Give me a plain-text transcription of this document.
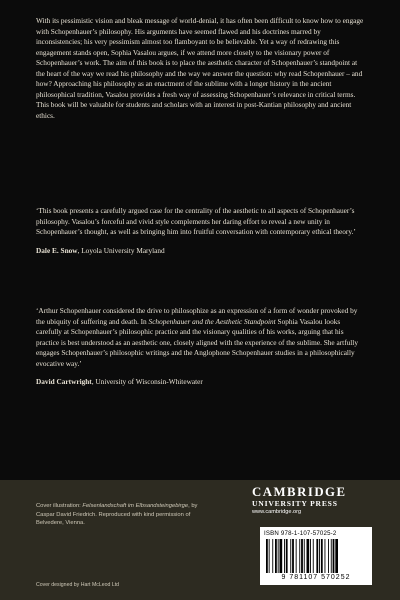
With its pessimistic vision and bleak message of world-denial, it has often been difficult to know how to engage with Schopenhauer’s philosophy. His arguments have seemed flawed and his doctrines marred by inconsistencies; his very pessimism almost too flamboyant to be believable. Yet a way of redrawing this engagement stands open, Sophia Vasalou argues, if we attend more closely to the visionary power of Schopenhauer’s work. The aim of this book is to place the aesthetic character of Schopenhauer’s standpoint at the heart of the way we read his philosophy and the way we answer the question: why read Schopenhauer – and how? Approaching his philosophy as an enactment of the sublime with a longer history in the ancient philosophical tradition, Vasalou provides a fresh way of assessing Schopenhauer’s relevance in critical terms. This book will be valuable for students and scholars with an interest in post-Kantian philosophy and ancient ethics.

‘This book presents a carefully argued case for the centrality of the aesthetic to all aspects of Schopenhauer’s philosophy. Vasalou’s forceful and vivid style complements her daring effort to reveal a new unity in Schopenhauer’s thought, as well as bringing him into fruitful conversation with contemporary ethical theory.’

Dale E. Snow, Loyola University Maryland

‘Arthur Schopenhauer considered the drive to philosophize as an expression of a form of wonder provoked by the ubiquity of suffering and death. In Schopenhauer and the Aesthetic Standpoint Sophia Vasalou looks carefully at Schopenhauer’s philosophic practice and the visionary qualities of his works, arguing that his practice is best understood as an aesthetic one, closely aligned with the experience of the sublime. She artfully engages Schopenhauer’s philosophic writings and the Anglophone Schopenhauer studies in a philosophically evocative way.’

David Cartwright, University of Wisconsin-Whitewater
Cover illustration: Felsenlandschaft im Elbsandsteingebirge, by Caspar David Friedrich. Reproduced with kind permission of Belvedere, Vienna.
Cover designed by Hart McLeod Ltd
CAMBRIDGE
UNIVERSITY PRESS
www.cambridge.org
ISBN 978-1-107-57025-2
9 781107 570252
